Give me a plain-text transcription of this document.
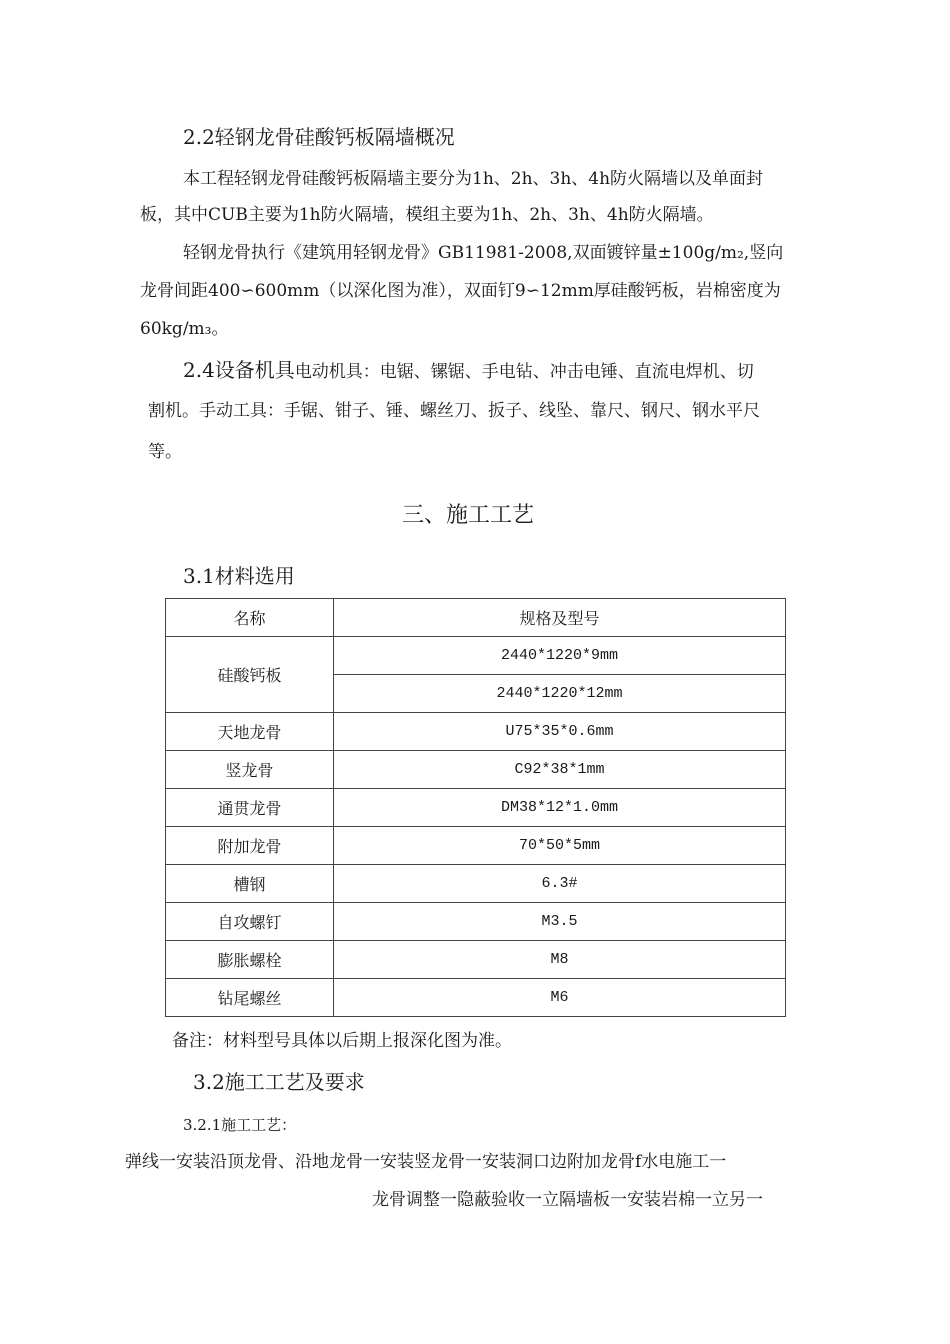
2.2轻钢龙骨硅酸钙板隔墙概况
本工程轻钢龙骨硅酸钙板隔墙主要分为1h、2h、3h、4h防火隔墙以及单面封
板，其中CUB主要为1h防火隔墙，模组主要为1h、2h、3h、4h防火隔墙。
轻钢龙骨执行《建筑用轻钢龙骨》GB11981-2008,双面镀锌量±100g/m₂,竖向
龙骨间距400∽600mm（以深化图为准），双面钉9∽12mm厚硅酸钙板，岩棉密度为
60kg/m₃。
2.4设备机具电动机具：电锯、镙锯、手电钻、冲击电锤、直流电焊机、切
割机。手动工具：手锯、钳子、锤、螺丝刀、扳子、线坠、靠尺、钢尺、钢水平尺
等。
三、施工工艺
3.1材料选用
名称	规格及型号
硅酸钙板	2440*1220*9mm
	2440*1220*12mm
天地龙骨	U75*35*0.6mm
竖龙骨	C92*38*1mm
通贯龙骨	DM38*12*1.0mm
附加龙骨	70*50*5mm
槽钢	6.3#
自攻螺钉	M3.5
膨胀螺栓	M8
钻尾螺丝	M6
备注：材料型号具体以后期上报深化图为准。
3.2施工工艺及要求
3.2.1施工工艺：
弹线一安装沿顶龙骨、沿地龙骨一安装竖龙骨一安装洞口边附加龙骨f水电施工一
龙骨调整一隐蔽验收一立隔墙板一安装岩棉一立另一
